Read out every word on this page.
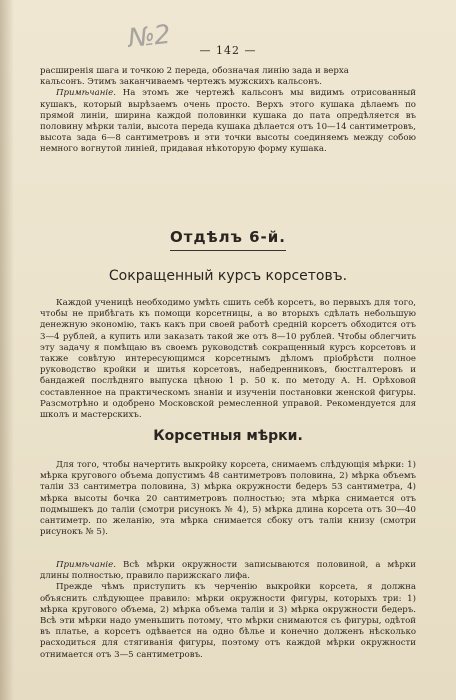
№2	— 142 —

расширенія шага и точкою 2 переда, обозначая линію зада и верха

кальсонъ. Этимъ заканчиваемъ чертежъ мужскихъ кальсонъ.

Примѣчаніе. На этомъ же чертежѣ кальсонъ мы видимъ отрисованный кушакъ, который вырѣзаемъ очень просто. Верхъ этого кушака дѣлаемъ по прямой линіи, ширина каждой половинки кушака до пата опредѣляется въ половину мѣрки таліи, высота переда кушака дѣлается отъ 10—14 сантиметровъ, высота зада 6—8 сантиметровъ и эти точки высоты соединяемъ между собою немного вогнутой линіей, придавая нѣкоторую форму кушака.

Отдѣлъ 6-й.
Сокращенный курсъ корсетовъ.

Каждой ученицѣ необходимо умѣть сшить себѣ корсетъ, во первыхъ для того, чтобы не прибѣгать къ помощи корсетницы, а во вторыхъ сдѣлать небольшую денежную экономію, такъ какъ при своей работѣ средній корсетъ обходится отъ 3—4 рублей, а купить или заказать такой же отъ 8—10 рублей. Чтобы облегчить эту задачу я помѣщаю въ своемъ руководствѣ сокращенный курсъ корсетовъ и также совѣтую интересующимся корсетнымъ дѣломъ пріобрѣсти полное руководство кройки и шитья корсетовъ, набедренниковъ, бюстгалтеровъ и бандажей послѣдняго выпуска цѣною 1 р. 50 к. по методу А. Н. Орѣховой составленное на практическомъ знаніи и изученіи постановки женской фигуры. Разсмотрѣно и одобрено Московской ремесленной управой. Рекомендуется для школъ и мастерскихъ.

Корсетныя мѣрки.

Для того, чтобы начертить выкройку корсета, снимаемъ слѣдующія мѣрки: 1) мѣрка кругового объема допустимъ 48 сантиметровъ половина, 2) мѣрка объемъ таліи 33 сантиметра половина, 3) мѣрка окружности бедеръ 53 сантиметра, 4) мѣрка высоты бочка 20 сантиметровъ полностью; эта мѣрка снимается отъ подмышекъ до таліи (смотри рисунокъ № 4), 5) мѣрка длина корсета отъ 30—40 сантиметр. по желанію, эта мѣрка снимается сбоку отъ таліи книзу (смотри рисунокъ № 5).

Примѣчаніе. Всѣ мѣрки окружности записываются половиной, а мѣрки длины полностью, правило парижскаго лифа.

Прежде чѣмъ приступить къ черченію выкройки корсета, я должна объяснить слѣдующее правило: мѣрки окружности фигуры, которыхъ три: 1) мѣрка кругового объема, 2) мѣрка объема таліи и 3) мѣрка окружности бедеръ. Всѣ эти мѣрки надо уменьшить потому, что мѣрки снимаются съ фигуры, одѣтой въ платье, а корсетъ одѣвается на одно бѣлье и конечно долженъ нѣсколько расходиться для стягиванія фигуры, поэтому отъ каждой мѣрки окружности отнимается отъ 3—5 сантиметровъ.
